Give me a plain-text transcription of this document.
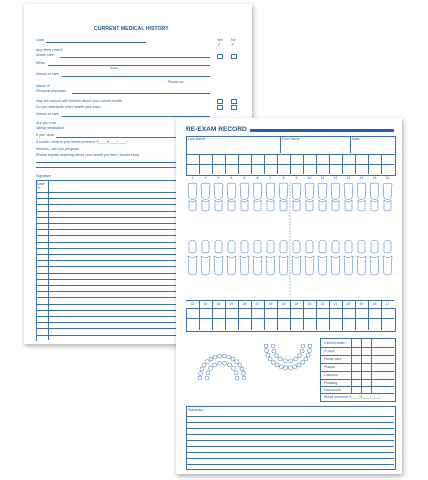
CURRENT MEDICAL HISTORY
Yes No
✓ ✓
Date
Any other recent
health care
When
(Date)
Nature of care
Phone no.
Name of
Personal physician
May we consult with him/her about your current health
Do you anticipate other health care soon
Nature of care
Are you now
taking medication
If yes, what
If known, what is your blood pressure S____D____/____/
Women—are you pregnant
Please explain anything about your health you feel I should know
Signature
Date
Yr.
RE-EXAM RECORD
Last Name	First Name	Date
Clinical exam
X-rays
Home care
Plaque
Calculus
Flossing
Disclosure
Blood pressure S____D____/____/
Summary
1	2	3	4	5	6	7	8	9	10	11	12	13	14	15	16
32	31	30	29	28	27	26	25	24	23	22	21	20	19	18	17
